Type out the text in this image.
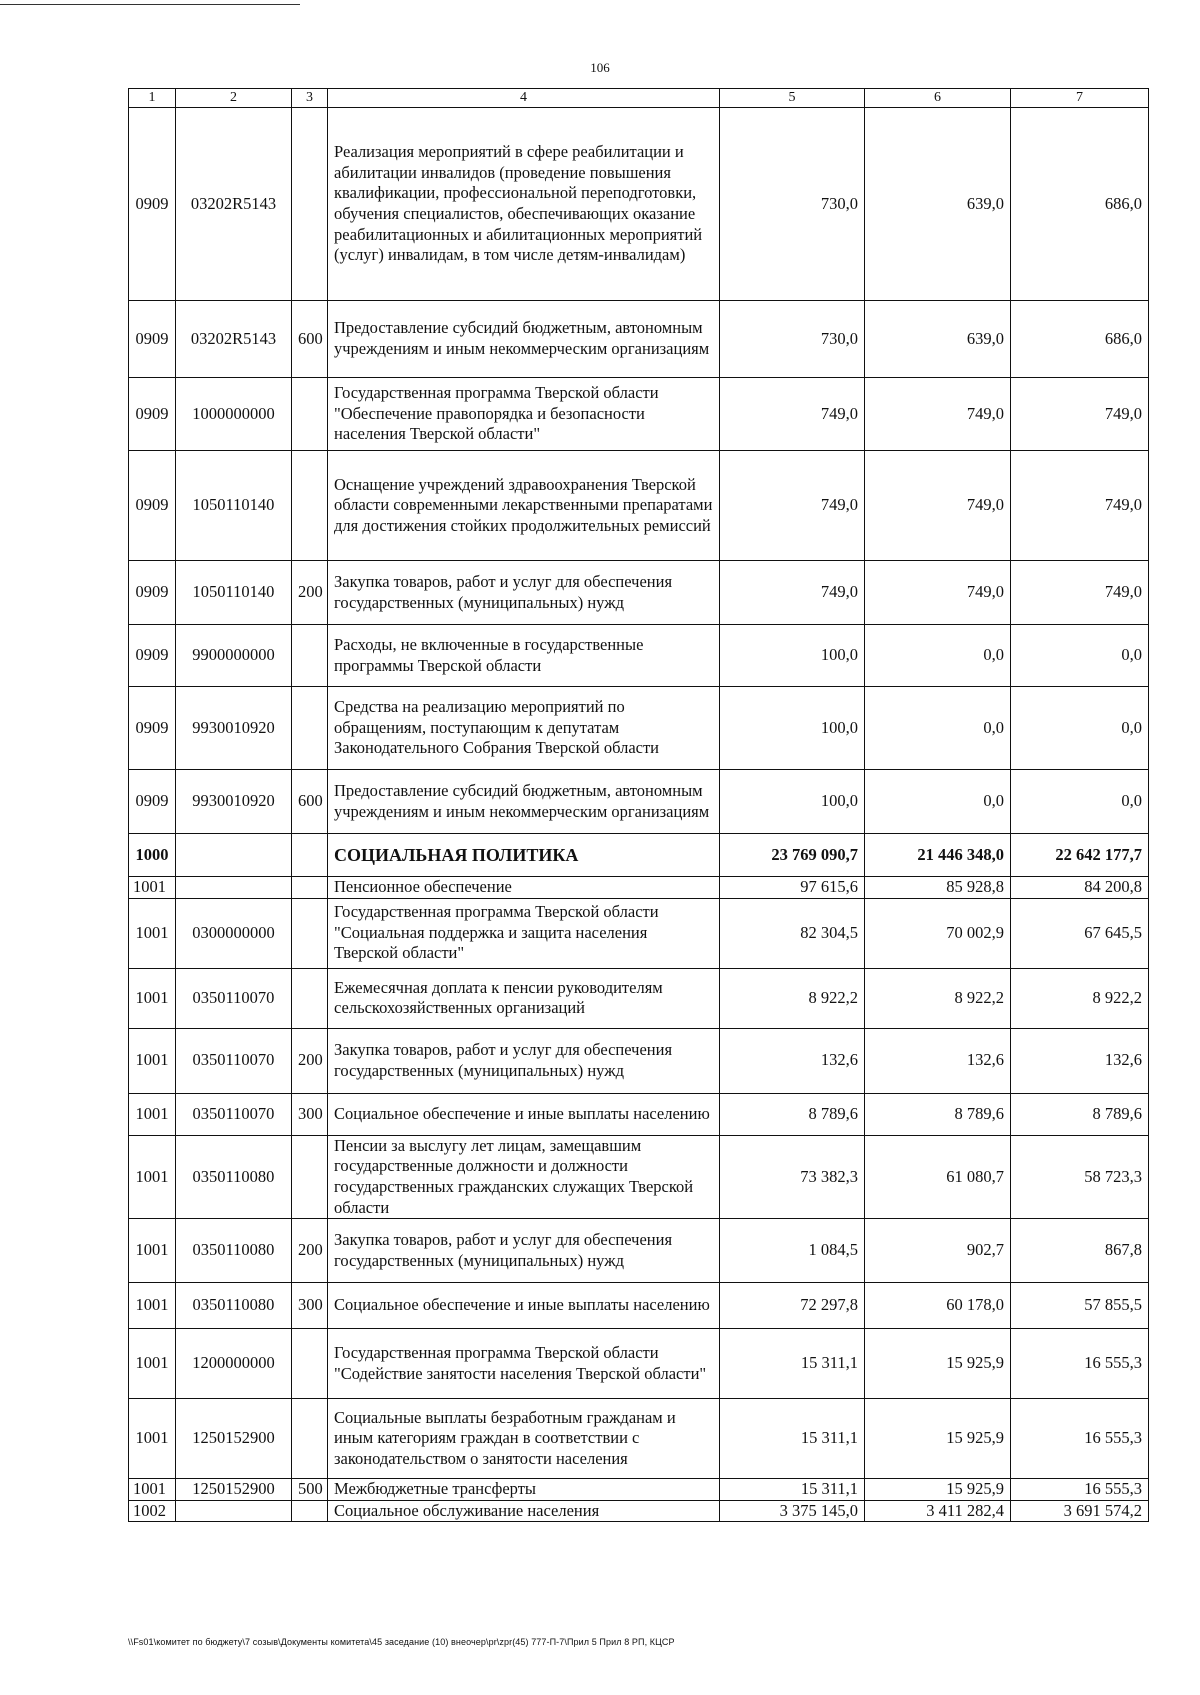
106
1	2	3	4	5	6	7
0909	03202R5143		Реализация мероприятий в сфере реабилитации и абилитации инвалидов (проведение повышения квалификации, профессиональной переподготовки, обучения специалистов, обеспечивающих оказание реабилитационных и абилитационных мероприятий (услуг) инвалидам, в том числе детям-инвалидам)	730,0	639,0	686,0
0909	03202R5143	600	Предоставление субсидий бюджетным, автономным учреждениям и иным некоммерческим организациям	730,0	639,0	686,0
0909	1000000000		Государственная программа Тверской области "Обеспечение правопорядка и безопасности населения Тверской области"	749,0	749,0	749,0
0909	1050110140		Оснащение учреждений здравоохранения Тверской области современными лекарственными препаратами для достижения стойких продолжительных ремиссий	749,0	749,0	749,0
0909	1050110140	200	Закупка товаров, работ и услуг для обеспечения государственных (муниципальных) нужд	749,0	749,0	749,0
0909	9900000000		Расходы, не включенные в государственные программы Тверской области	100,0	0,0	0,0
0909	9930010920		Средства на реализацию мероприятий по обращениям, поступающим к депутатам Законодательного Собрания Тверской области	100,0	0,0	0,0
0909	9930010920	600	Предоставление субсидий бюджетным, автономным учреждениям и иным некоммерческим организациям	100,0	0,0	0,0
1000			СОЦИАЛЬНАЯ ПОЛИТИКА	23 769 090,7	21 446 348,0	22 642 177,7
1001			Пенсионное обеспечение	97 615,6	85 928,8	84 200,8
1001	0300000000		Государственная программа Тверской области "Социальная поддержка и защита населения Тверской области"	82 304,5	70 002,9	67 645,5
1001	0350110070		Ежемесячная доплата к пенсии руководителям сельскохозяйственных организаций	8 922,2	8 922,2	8 922,2
1001	0350110070	200	Закупка товаров, работ и услуг для обеспечения государственных (муниципальных) нужд	132,6	132,6	132,6
1001	0350110070	300	Социальное обеспечение и иные выплаты населению	8 789,6	8 789,6	8 789,6
1001	0350110080		Пенсии за выслугу лет лицам, замещавшим государственные должности и должности государственных гражданских служащих Тверской области	73 382,3	61 080,7	58 723,3
1001	0350110080	200	Закупка товаров, работ и услуг для обеспечения государственных (муниципальных) нужд	1 084,5	902,7	867,8
1001	0350110080	300	Социальное обеспечение и иные выплаты населению	72 297,8	60 178,0	57 855,5
1001	1200000000		Государственная программа Тверской области "Содействие занятости населения Тверской области"	15 311,1	15 925,9	16 555,3
1001	1250152900		Социальные выплаты безработным гражданам и иным категориям граждан в соответствии с законодательством о занятости населения	15 311,1	15 925,9	16 555,3
1001	1250152900	500	Межбюджетные трансферты	15 311,1	15 925,9	16 555,3
1002			Социальное обслуживание населения	3 375 145,0	3 411 282,4	3 691 574,2
\\Fs01\комитет по бюджету\7 созыв\Документы комитета\45 заседание (10) внеочер\pr\zpr(45) 777-П-7\Прил 5 Прил 8 РП, КЦСР
